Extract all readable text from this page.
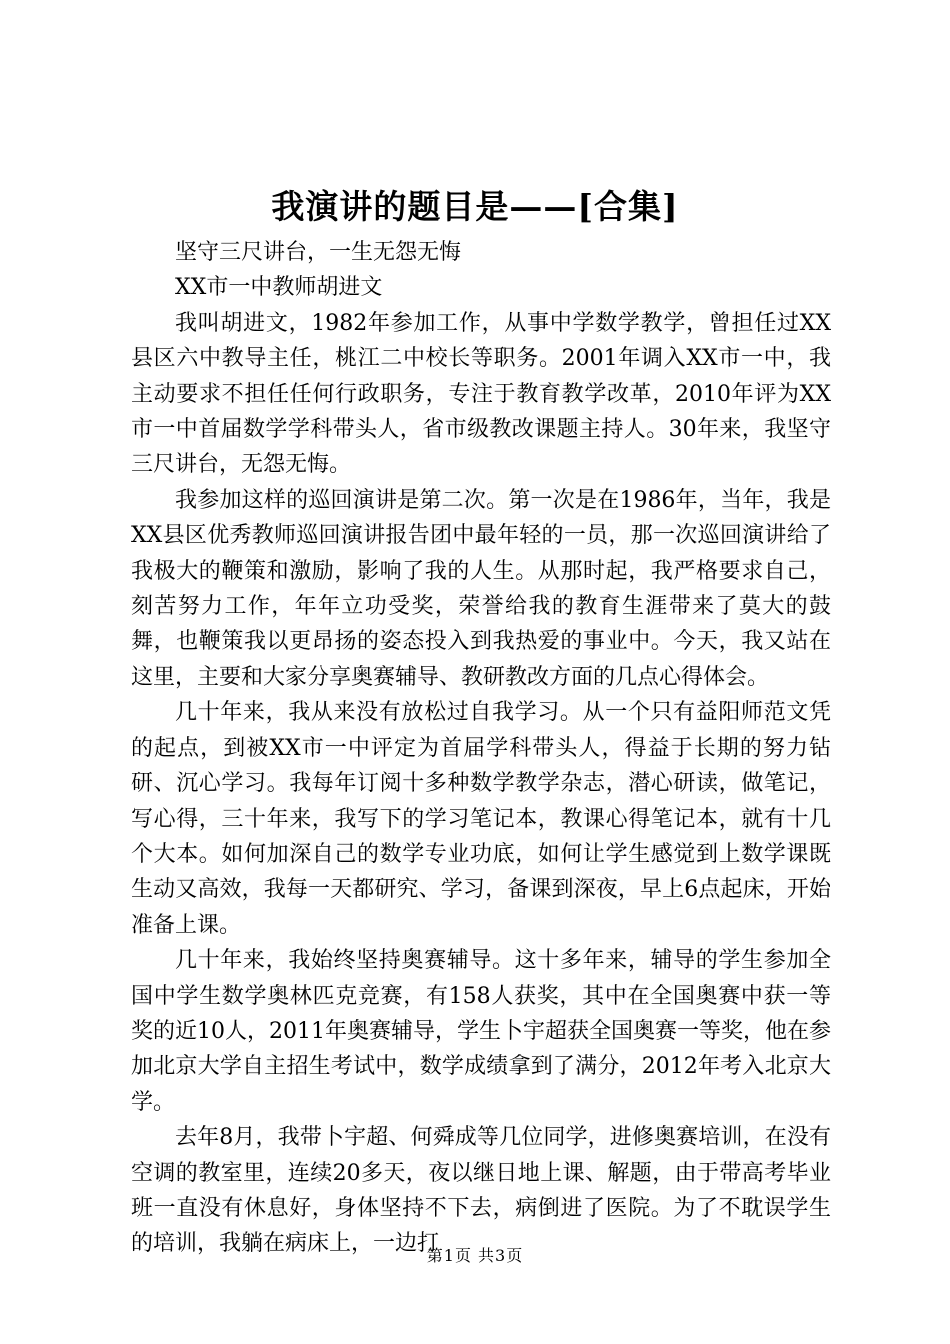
我演讲的题目是——[合集]

坚守三尺讲台，一生无怨无悔

XX市一中教师胡进文

我叫胡进文，1982年参加工作，从事中学数学教学，曾担任过XX县区六中教导主任，桃江二中校长等职务。2001年调入XX市一中，我主动要求不担任任何行政职务，专注于教育教学改革，2010年评为XX市一中首届数学学科带头人，省市级教改课题主持人。30年来，我坚守三尺讲台，无怨无悔。

我参加这样的巡回演讲是第二次。第一次是在1986年，当年，我是XX县区优秀教师巡回演讲报告团中最年轻的一员，那一次巡回演讲给了我极大的鞭策和激励，影响了我的人生。从那时起，我严格要求自己，刻苦努力工作，年年立功受奖，荣誉给我的教育生涯带来了莫大的鼓舞，也鞭策我以更昂扬的姿态投入到我热爱的事业中。今天，我又站在这里，主要和大家分享奥赛辅导、教研教改方面的几点心得体会。

几十年来，我从来没有放松过自我学习。从一个只有益阳师范文凭的起点，到被XX市一中评定为首届学科带头人，得益于长期的努力钻研、沉心学习。我每年订阅十多种数学教学杂志，潜心研读，做笔记，写心得，三十年来，我写下的学习笔记本，教课心得笔记本，就有十几个大本。如何加深自己的数学专业功底，如何让学生感觉到上数学课既生动又高效，我每一天都研究、学习，备课到深夜，早上6点起床，开始准备上课。

几十年来，我始终坚持奥赛辅导。这十多年来，辅导的学生参加全国中学生数学奥林匹克竞赛，有158人获奖，其中在全国奥赛中获一等奖的近10人，2011年奥赛辅导，学生卜宇超获全国奥赛一等奖，他在参加北京大学自主招生考试中，数学成绩拿到了满分，2012年考入北京大学。

去年8月，我带卜宇超、何舜成等几位同学，进修奥赛培训，在没有空调的教室里，连续20多天，夜以继日地上课、解题，由于带高考毕业班一直没有休息好，身体坚持不下去，病倒进了医院。为了不耽误学生的培训，我躺在病床上，一边打

第1页 共3页
